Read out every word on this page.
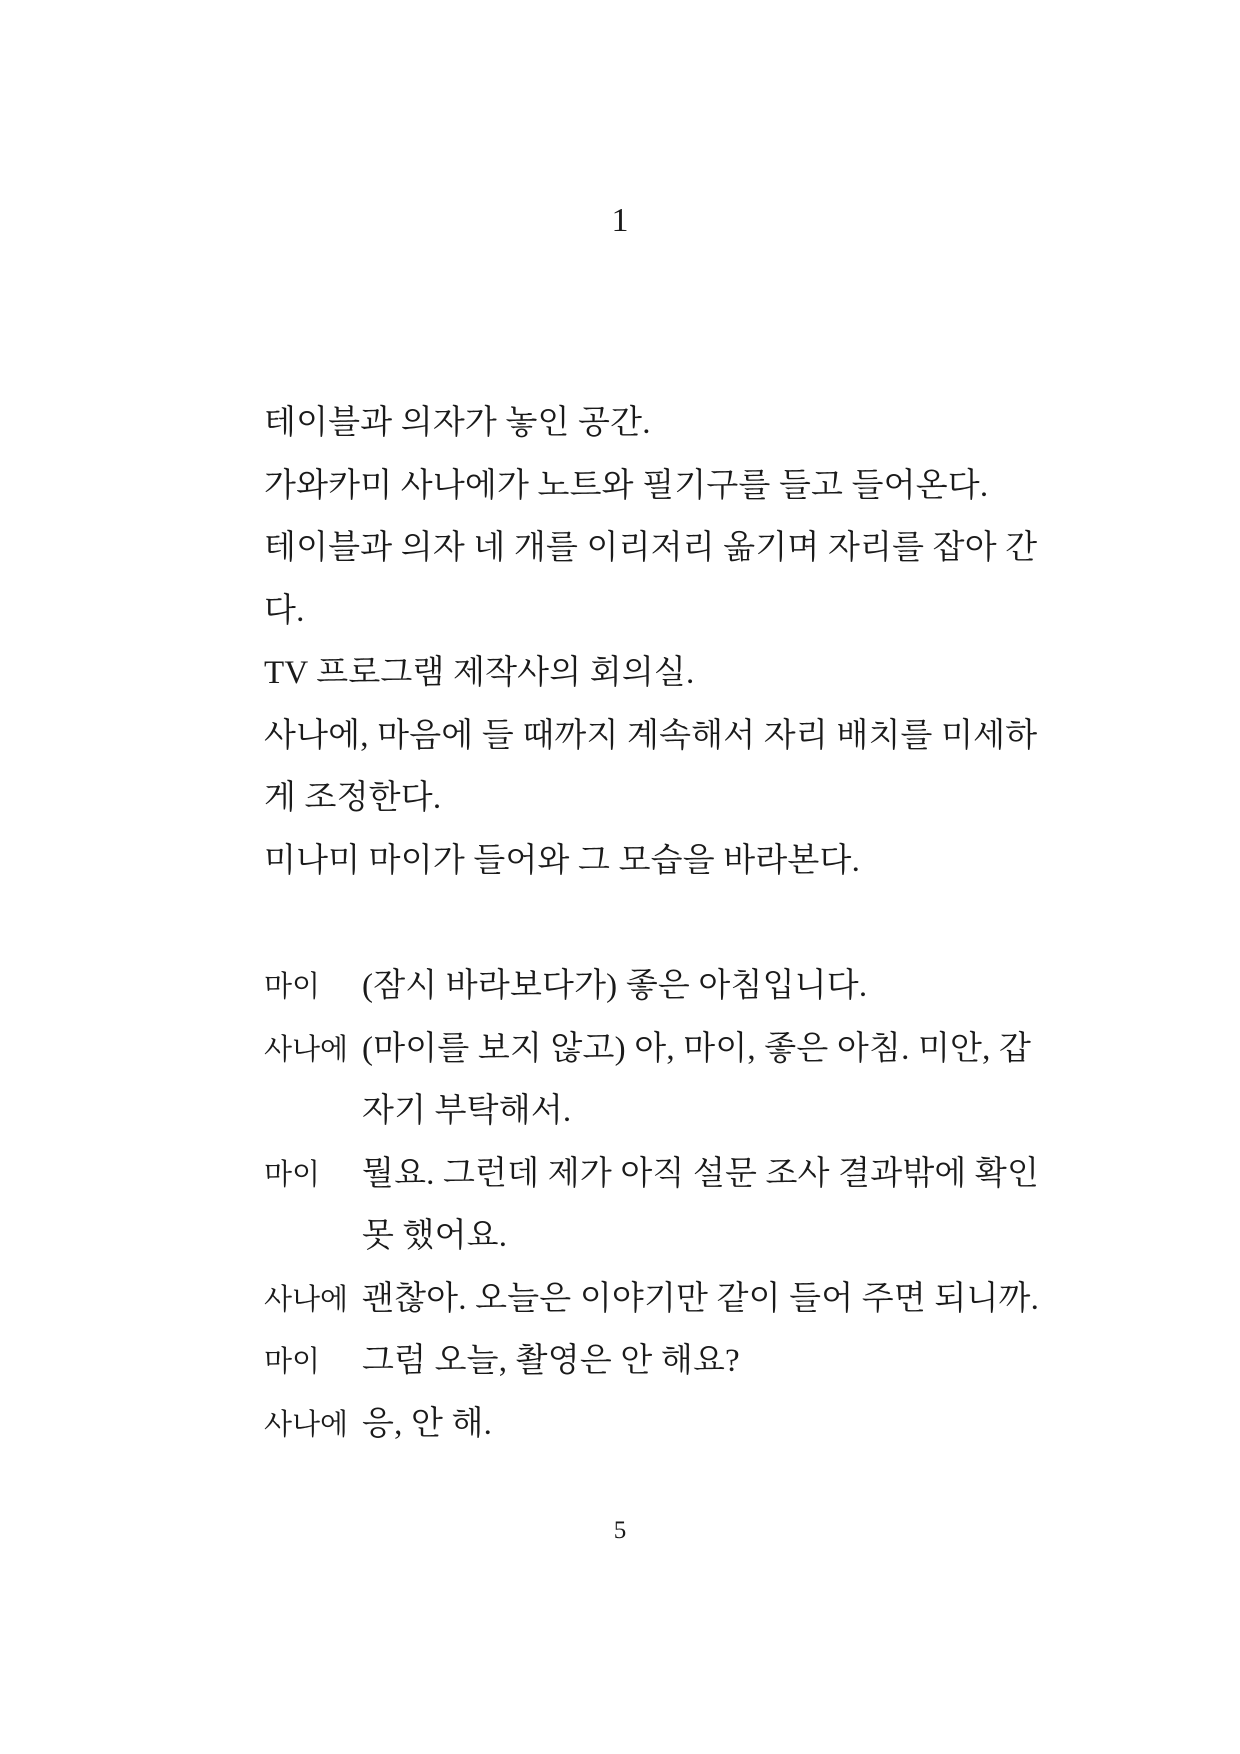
1
테이블과 의자가 놓인 공간.
가와카미 사나에가 노트와 필기구를 들고 들어온다.
테이블과 의자 네 개를 이리저리 옮기며 자리를 잡아 간
다.
TV 프로그램 제작사의 회의실.
사나에, 마음에 들 때까지 계속해서 자리 배치를 미세하
게 조정한다.
미나미 마이가 들어와 그 모습을 바라본다.
마이	(잠시 바라보다가) 좋은 아침입니다.
사나에 (마이를 보지 않고) 아, 마이, 좋은 아침. 미안, 갑
자기 부탁해서.
마이	뭘요. 그런데 제가 아직 설문 조사 결과밖에 확인
못 했어요.
사나에 괜찮아. 오늘은 이야기만 같이 들어 주면 되니까.
마이	그럼 오늘, 촬영은 안 해요?
사나에 응, 안 해.
5
